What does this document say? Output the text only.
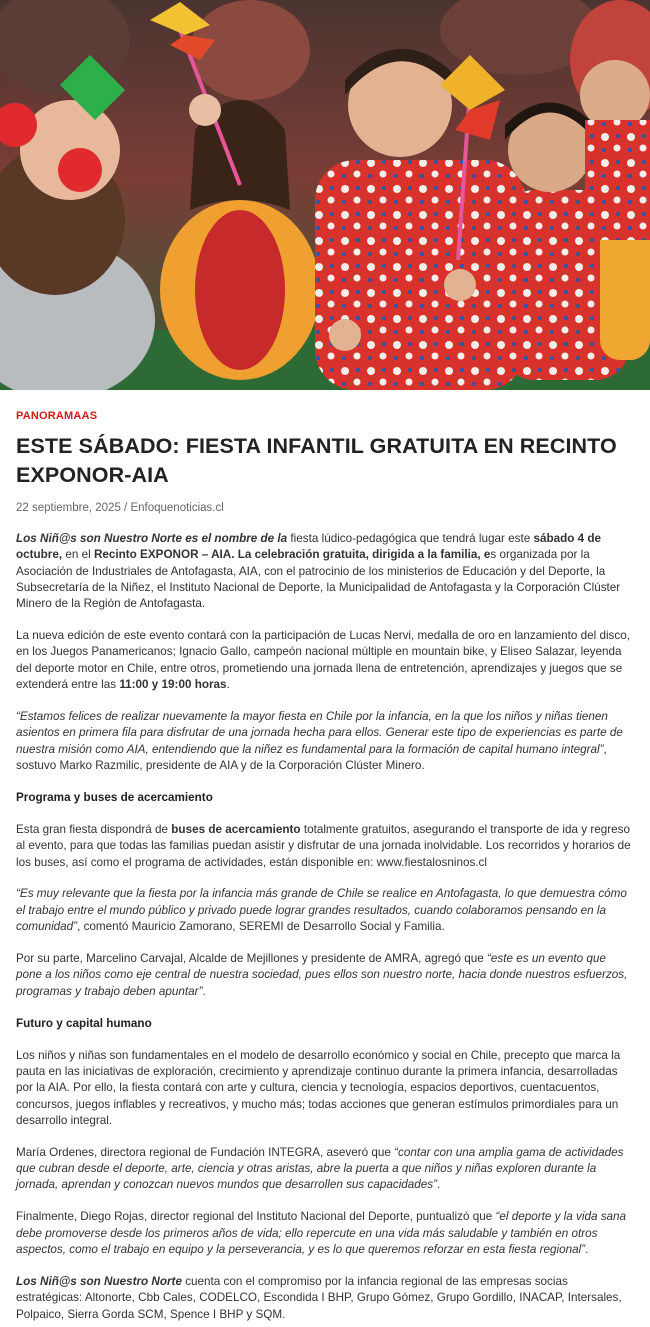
PANORAMAAS
ESTE SÁBADO: FIESTA INFANTIL GRATUITA EN RECINTO EXPONOR-AIA
22 septiembre, 2025 / Enfoquenoticias.cl

Los Niñ@s son Nuestro Norte es el nombre de la fiesta lúdico-pedagógica que tendrá lugar este sábado 4 de octubre, en el Recinto EXPONOR – AIA. La celebración gratuita, dirigida a la familia, es organizada por la Asociación de Industriales de Antofagasta, AIA, con el patrocinio de los ministerios de Educación y del Deporte, la Subsecretaría de la Niñez, el Instituto Nacional de Deporte, la Municipalidad de Antofagasta y la Corporación Clúster Minero de la Región de Antofagasta.

La nueva edición de este evento contará con la participación de Lucas Nervi, medalla de oro en lanzamiento del disco, en los Juegos Panamericanos; Ignacio Gallo, campeón nacional múltiple en mountain bike, y Eliseo Salazar, leyenda del deporte motor en Chile, entre otros, prometiendo una jornada llena de entretención, aprendizajes y juegos que se extenderá entre las 11:00 y 19:00 horas.

“Estamos felices de realizar nuevamente la mayor fiesta en Chile por la infancia, en la que los niños y niñas tienen asientos en primera fila para disfrutar de una jornada hecha para ellos. Generar este tipo de experiencias es parte de nuestra misión como AIA, entendiendo que la niñez es fundamental para la formación de capital humano integral”, sostuvo Marko Razmilic, presidente de AIA y de la Corporación Clúster Minero.

Programa y buses de acercamiento

Esta gran fiesta dispondrá de buses de acercamiento totalmente gratuitos, asegurando el transporte de ida y regreso al evento, para que todas las familias puedan asistir y disfrutar de una jornada inolvidable. Los recorridos y horarios de los buses, así como el programa de actividades, están disponible en: www.fiestalosninos.cl

“Es muy relevante que la fiesta por la infancia más grande de Chile se realice en Antofagasta, lo que demuestra cómo el trabajo entre el mundo público y privado puede lograr grandes resultados, cuando colaboramos pensando en la comunidad”, comentó Mauricio Zamorano, SEREMI de Desarrollo Social y Familia.

Por su parte, Marcelino Carvajal, Alcalde de Mejillones y presidente de AMRA, agregó que “este es un evento que pone a los niños como eje central de nuestra sociedad, pues ellos son nuestro norte, hacia donde nuestros esfuerzos, programas y trabajo deben apuntar”.

Futuro y capital humano

Los niños y niñas son fundamentales en el modelo de desarrollo económico y social en Chile, precepto que marca la pauta en las iniciativas de exploración, crecimiento y aprendizaje continuo durante la primera infancia, desarrolladas por la AIA. Por ello, la fiesta contará con arte y cultura, ciencia y tecnología, espacios deportivos, cuentacuentos, concursos, juegos inflables y recreativos, y mucho más; todas acciones que generan estímulos primordiales para un desarrollo integral.

María Ordenes, directora regional de Fundación INTEGRA, aseveró que “contar con una amplia gama de actividades que cubran desde el deporte, arte, ciencia y otras aristas, abre la puerta a que niños y niñas exploren durante la jornada, aprendan y conozcan nuevos mundos que desarrollen sus capacidades”.

Finalmente, Diego Rojas, director regional del Instituto Nacional del Deporte, puntualizó que “el deporte y la vida sana debe promoverse desde los primeros años de vida; ello repercute en una vida más saludable y también en otros aspectos, como el trabajo en equipo y la perseverancia, y es lo que queremos reforzar en esta fiesta regional”.

Los Niñ@s son Nuestro Norte cuenta con el compromiso por la infancia regional de las empresas socias estratégicas: Altonorte, Cbb Cales, CODELCO, Escondida I BHP, Grupo Gómez, Grupo Gordillo, INACAP, Intersales, Polpaico, Sierra Gorda SCM, Spence I BHP y SQM.
